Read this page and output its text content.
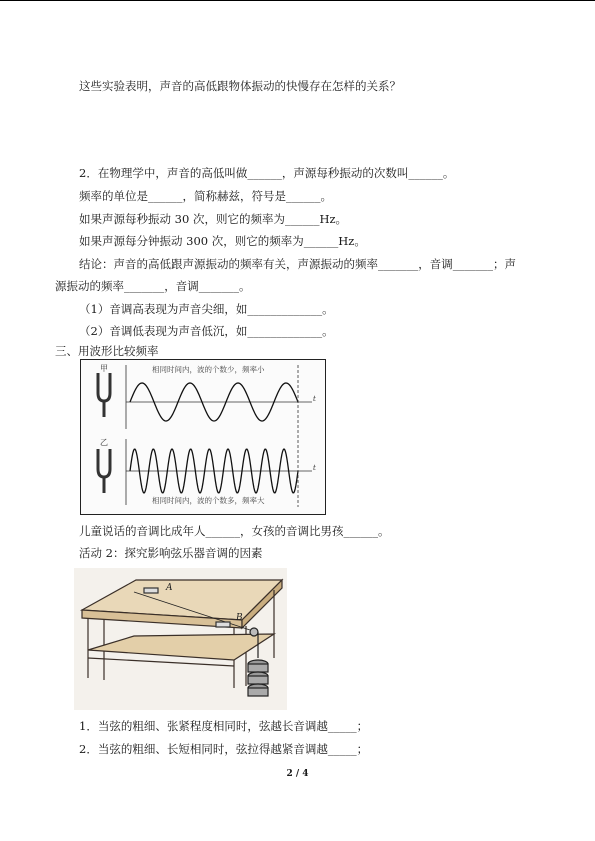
这些实验表明，声音的高低跟物体振动的快慢存在怎样的关系？
2．在物理学中，声音的高低叫做______，声源每秒振动的次数叫______。
频率的单位是______，简称赫兹，符号是______。
如果声源每秒振动 30 次，则它的频率为______Hz。
如果声源每分钟振动 300 次，则它的频率为______Hz。
结论：声音的高低跟声源振动的频率有关，声源振动的频率_______，音调_______；声
源振动的频率_______，音调_______。
（1）音调高表现为声音尖细，如_____________。
（2）音调低表现为声音低沉，如_____________。
三、用波形比较频率
甲
乙
t
t
相同时间内，波的个数少，频率小
相同时间内，波的个数多，频率大
儿童说话的音调比成年人______，女孩的音调比男孩______。
活动 2：探究影响弦乐器音调的因素
A
B
1．当弦的粗细、张紧程度相同时，弦越长音调越_____；
2．当弦的粗细、长短相同时，弦拉得越紧音调越_____；
2 / 4
